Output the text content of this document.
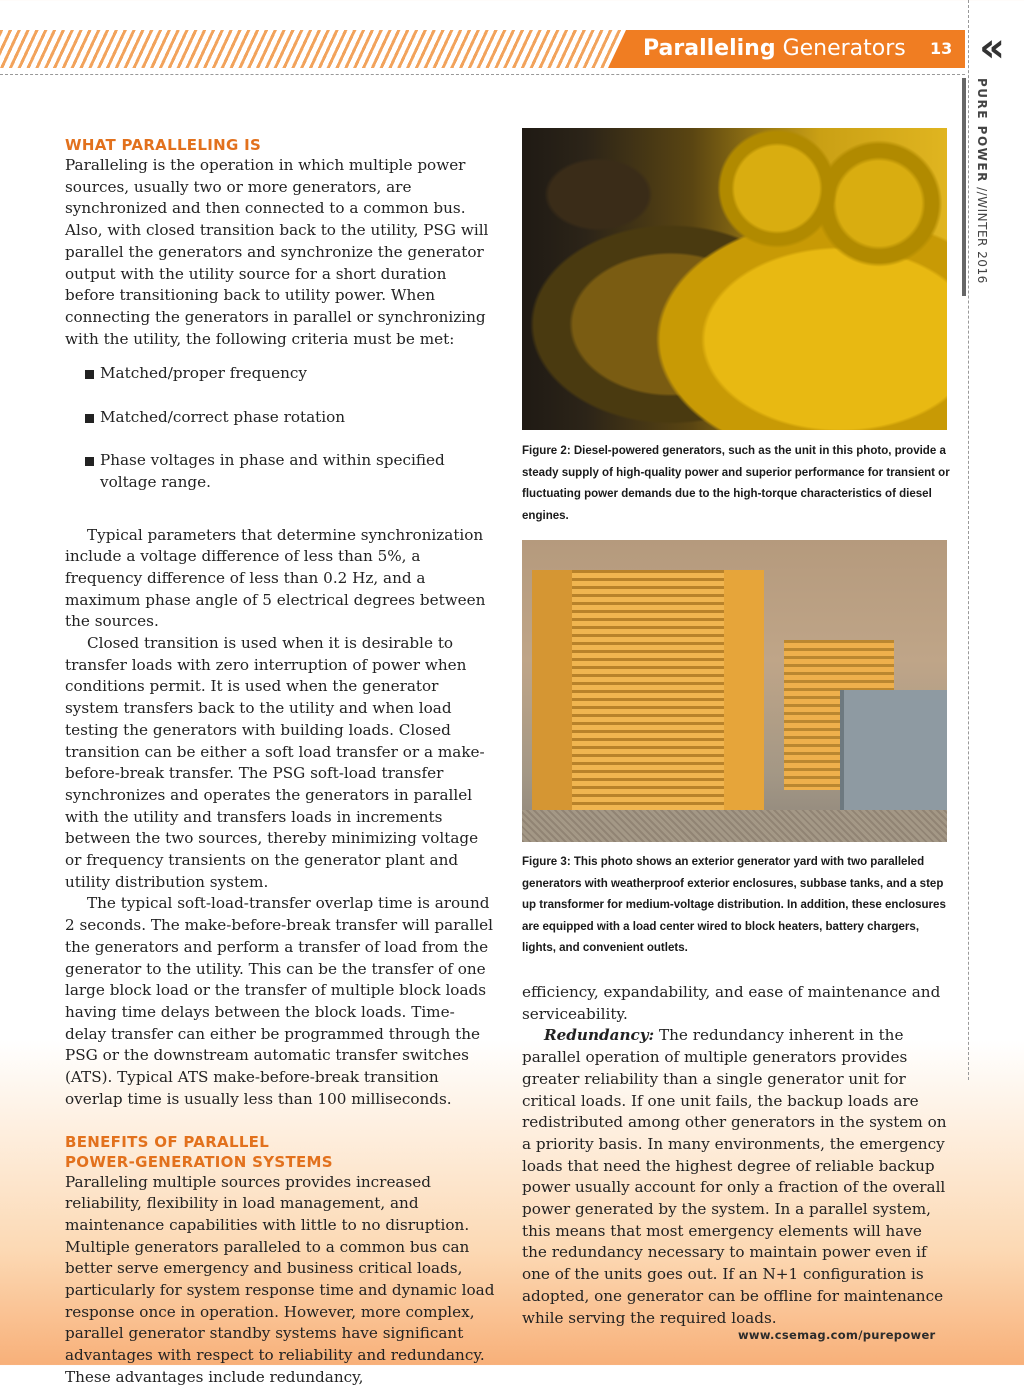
Paralleling Generators 13 «
PURE POWER //WINTER 2016
WHAT PARALLELING IS

Paralleling is the operation in which multiple power sources, usually two or more generators, are synchronized and then connected to a common bus. Also, with closed transition back to the utility, PSG will parallel the generators and synchronize the generator output with the utility source for a short duration before transitioning back to utility power. When connecting the generators in parallel or synchronizing with the utility, the following criteria must be met:

Matched/proper frequency
Matched/correct phase rotation
Phase voltages in phase and within specified voltage range.

Typical parameters that determine synchronization include a voltage difference of less than 5%, a frequency difference of less than 0.2 Hz, and a maximum phase angle of 5 electrical degrees between the sources.

Closed transition is used when it is desirable to transfer loads with zero interruption of power when conditions permit. It is used when the generator system transfers back to the utility and when load testing the generators with building loads. Closed transition can be either a soft load transfer or a make-before-break transfer. The PSG soft-load transfer synchronizes and operates the generators in parallel with the utility and transfers loads in increments between the two sources, thereby minimizing voltage or frequency transients on the generator plant and utility distribution system.

The typical soft-load-transfer overlap time is around 2 seconds. The make-before-break transfer will parallel the generators and perform a transfer of load from the generator to the utility. This can be the transfer of one large block load or the transfer of multiple block loads having time delays between the block loads. Time-delay transfer can either be programmed through the PSG or the downstream automatic transfer switches (ATS). Typical ATS make-before-break transition overlap time is usually less than 100 milliseconds.

BENEFITS OF PARALLEL
POWER-GENERATION SYSTEMS

Paralleling multiple sources provides increased reliability, flexibility in load management, and maintenance capabilities with little to no disruption. Multiple generators paralleled to a common bus can better serve emergency and business critical loads, particularly for system response time and dynamic load response once in operation. However, more complex, parallel generator standby systems have significant advantages with respect to reliability and redundancy. These advantages include redundancy,

Figure 2: Diesel-powered generators, such as the unit in this photo, provide a steady supply of high-quality power and superior performance for transient or fluctuating power demands due to the high-torque characteristics of diesel engines.
Figure 3: This photo shows an exterior generator yard with two paralleled generators with weatherproof exterior enclosures, subbase tanks, and a step up transformer for medium-voltage distribution. In addition, these enclosures are equipped with a load center wired to block heaters, battery chargers, lights, and convenient outlets.

efficiency, expandability, and ease of maintenance and serviceability.

Redundancy: The redundancy inherent in the parallel operation of multiple generators provides greater reliability than a single generator unit for critical loads. If one unit fails, the backup loads are redistributed among other generators in the system on a priority basis. In many environments, the emergency loads that need the highest degree of reliable backup power usually account for only a fraction of the overall power generated by the system. In a parallel system, this means that most emergency elements will have the redundancy necessary to maintain power even if one of the units goes out. If an N+1 configuration is adopted, one generator can be offline for maintenance while serving the required loads.

www.csemag.com/purepower
